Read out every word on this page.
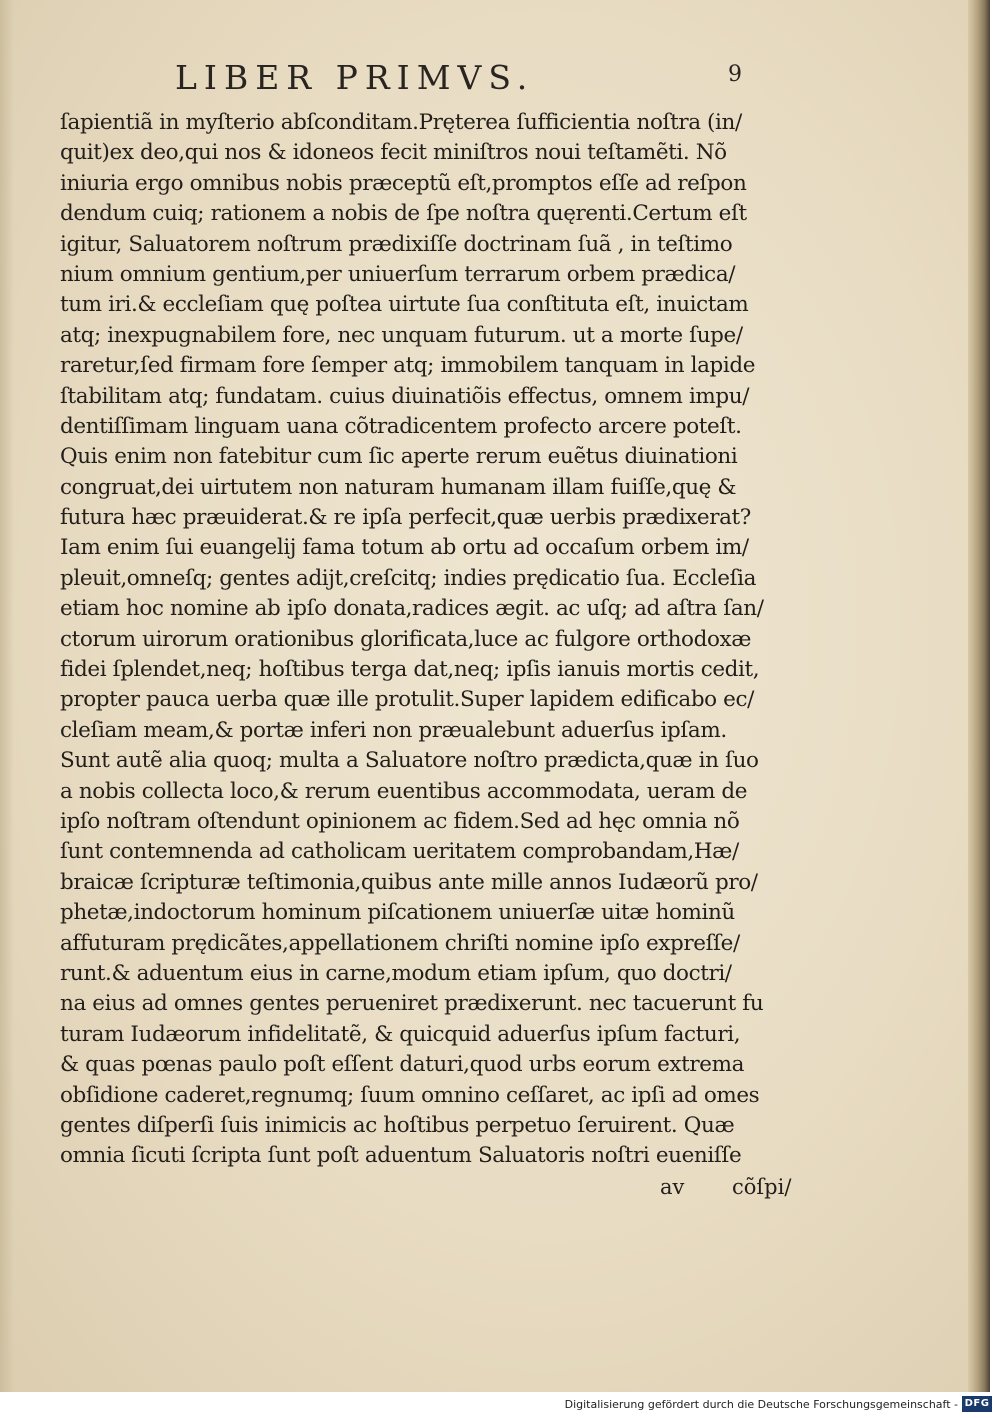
LIBER PRIMVS.	9
ſapientiã in myſterio abſconditam.Pręterea ſufficientia noſtra (in/
quit)ex deo,qui nos & idoneos fecit miniſtros noui teſtamẽti. Nõ
iniuria ergo omnibus nobis præceptũ eſt,promptos eſſe ad reſpon
dendum cuiq; rationem a nobis de ſpe noſtra quęrenti.Certum eſt
igitur, Saluatorem noſtrum prædixiſſe doctrinam ſuã , in teſtimo
nium omnium gentium,per uniuerſum terrarum orbem prædica/
tum iri.& eccleſiam quę poſtea uirtute ſua conſtituta eſt, inuictam
atq; inexpugnabilem fore, nec unquam futurum. ut a morte ſupe/
raretur,ſed firmam fore ſemper atq; immobilem tanquam in lapide
ſtabilitam atq; fundatam. cuius diuinatiõis effectus, omnem impu/
dentiſſimam linguam uana cõtradicentem profecto arcere poteſt.
Quis enim non fatebitur cum ſic aperte rerum euẽtus diuinationi
congruat,dei uirtutem non naturam humanam illam fuiſſe,quę &
futura hæc præuiderat.& re ipſa perfecit,quæ uerbis prædixerat?
Iam enim ſui euangelij fama totum ab ortu ad occaſum orbem im/
pleuit,omneſq; gentes adijt,creſcitq; indies prędicatio ſua. Eccleſia
etiam hoc nomine ab ipſo donata,radices ægit. ac uſq; ad aſtra ſan/
ctorum uirorum orationibus glorificata,luce ac fulgore orthodoxæ
fidei ſplendet,neq; hoſtibus terga dat,neq; ipſis ianuis mortis cedit,
propter pauca uerba quæ ille protulit.Super lapidem edificabo ec/
cleſiam meam,& portæ inferi non præualebunt aduerſus ipſam.
Sunt autẽ alia quoq; multa a Saluatore noſtro prædicta,quæ in ſuo
a nobis collecta loco,& rerum euentibus accommodata, ueram de
ipſo noſtram oſtendunt opinionem ac fidem.Sed ad hęc omnia nõ
ſunt contemnenda ad catholicam ueritatem comprobandam,Hæ/
braicæ ſcripturæ teſtimonia,quibus ante mille annos Iudæorũ pro/
phetæ,indoctorum hominum piſcationem uniuerſæ uitæ hominũ
affuturam prędicãtes,appellationem chriſti nomine ipſo expreſſe/
runt.& aduentum eius in carne,modum etiam ipſum, quo doctri/
na eius ad omnes gentes perueniret prædixerunt. nec tacuerunt fu
turam Iudæorum infidelitatẽ, & quicquid aduerſus ipſum facturi,
& quas pœnas paulo poſt eſſent daturi,quod urbs eorum extrema
obſidione caderet,regnumq; ſuum omnino ceſſaret, ac ipſi ad omes
gentes diſperſi ſuis inimicis ac hoſtibus perpetuo ſeruirent. Quæ
omnia ſicuti ſcripta ſunt poſt aduentum Saluatoris noſtri eueniſſe
av cõſpi/
Digitalisierung gefördert durch die Deutsche Forschungsgemeinschaft - DFG
